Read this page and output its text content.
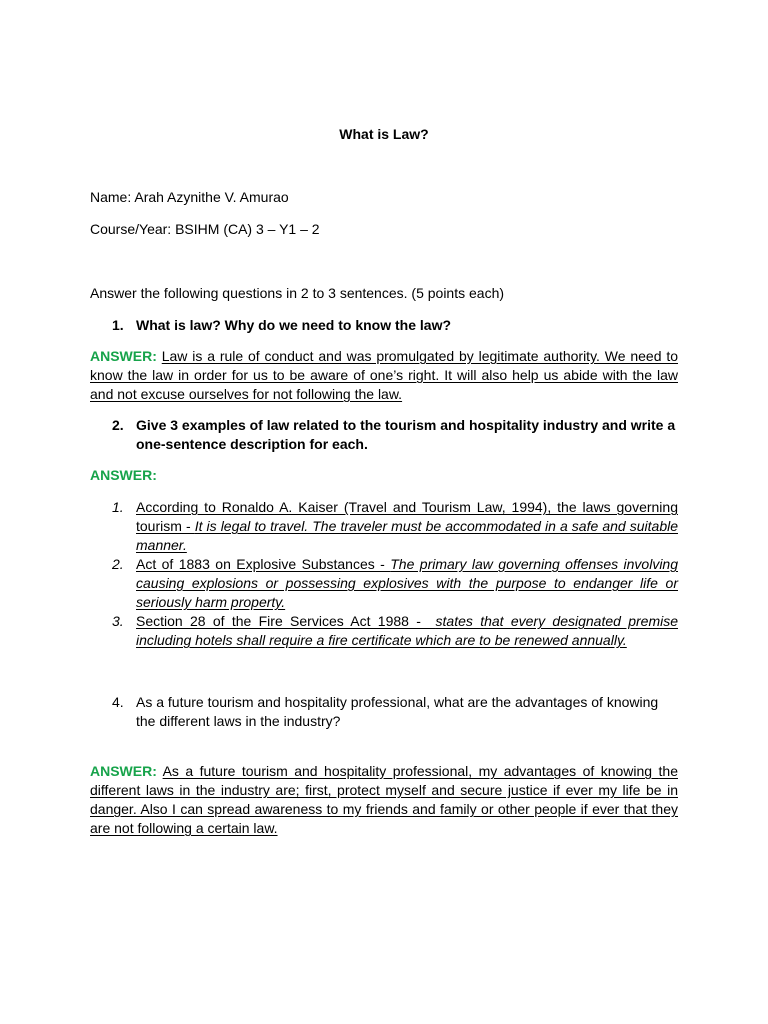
What is Law?
Name: Arah Azynithe V. Amurao
Course/Year: BSIHM (CA) 3 – Y1 – 2
Answer the following questions in 2 to 3 sentences. (5 points each)
1. What is law? Why do we need to know the law?
ANSWER: Law is a rule of conduct and was promulgated by legitimate authority. We need to know the law in order for us to be aware of one’s right. It will also help us abide with the law and not excuse ourselves for not following the law.
2. Give 3 examples of law related to the tourism and hospitality industry and write a one-sentence description for each.
ANSWER:
1. According to Ronaldo A. Kaiser (Travel and Tourism Law, 1994), the laws governing tourism - It is legal to travel. The traveler must be accommodated in a safe and suitable manner.
2. Act of 1883 on Explosive Substances - The primary law governing offenses involving causing explosions or possessing explosives with the purpose to endanger life or seriously harm property.
3. Section 28 of the Fire Services Act 1988 -  states that every designated premise including hotels shall require a fire certificate which are to be renewed annually.
4. As a future tourism and hospitality professional, what are the advantages of knowing the different laws in the industry?
ANSWER: As a future tourism and hospitality professional, my advantages of knowing the different laws in the industry are; first, protect myself and secure justice if ever my life be in danger. Also I can spread awareness to my friends and family or other people if ever that they are not following a certain law.
